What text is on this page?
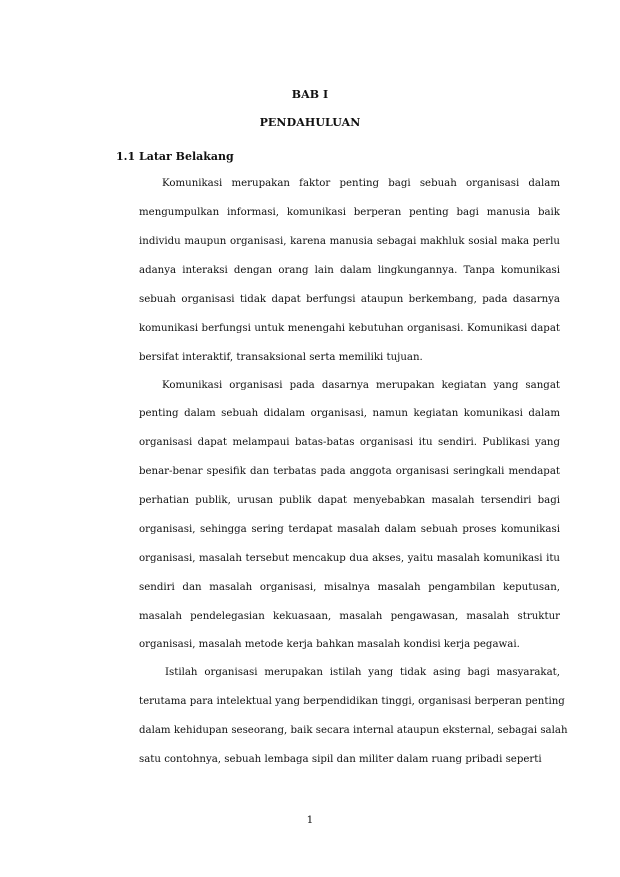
BAB I
PENDAHULUAN
1.1 Latar Belakang
Komunikasi merupakan faktor penting bagi sebuah organisasi dalam
mengumpulkan informasi, komunikasi berperan penting bagi manusia baik
individu maupun organisasi, karena manusia sebagai makhluk sosial maka perlu
adanya interaksi dengan orang lain dalam lingkungannya. Tanpa komunikasi
sebuah organisasi tidak dapat berfungsi ataupun berkembang, pada dasarnya
komunikasi berfungsi untuk menengahi kebutuhan organisasi. Komunikasi dapat
bersifat interaktif, transaksional serta memiliki tujuan.
Komunikasi organisasi pada dasarnya merupakan kegiatan yang sangat
penting dalam sebuah didalam organisasi, namun kegiatan komunikasi dalam
organisasi dapat melampaui batas-batas organisasi itu sendiri. Publikasi yang
benar-benar spesifik dan terbatas pada anggota organisasi seringkali mendapat
perhatian publik, urusan publik dapat menyebabkan masalah tersendiri bagi
organisasi, sehingga sering terdapat masalah dalam sebuah proses komunikasi
organisasi, masalah tersebut mencakup dua akses, yaitu masalah komunikasi itu
sendiri dan masalah organisasi, misalnya masalah pengambilan keputusan,
masalah pendelegasian kekuasaan, masalah pengawasan, masalah struktur
organisasi, masalah metode kerja bahkan masalah kondisi kerja pegawai.
Istilah organisasi merupakan istilah yang tidak asing bagi masyarakat,
terutama para intelektual yang berpendidikan tinggi, organisasi berperan penting
dalam kehidupan seseorang, baik secara internal ataupun eksternal, sebagai salah
satu contohnya, sebuah lembaga sipil dan militer dalam ruang pribadi seperti
1
